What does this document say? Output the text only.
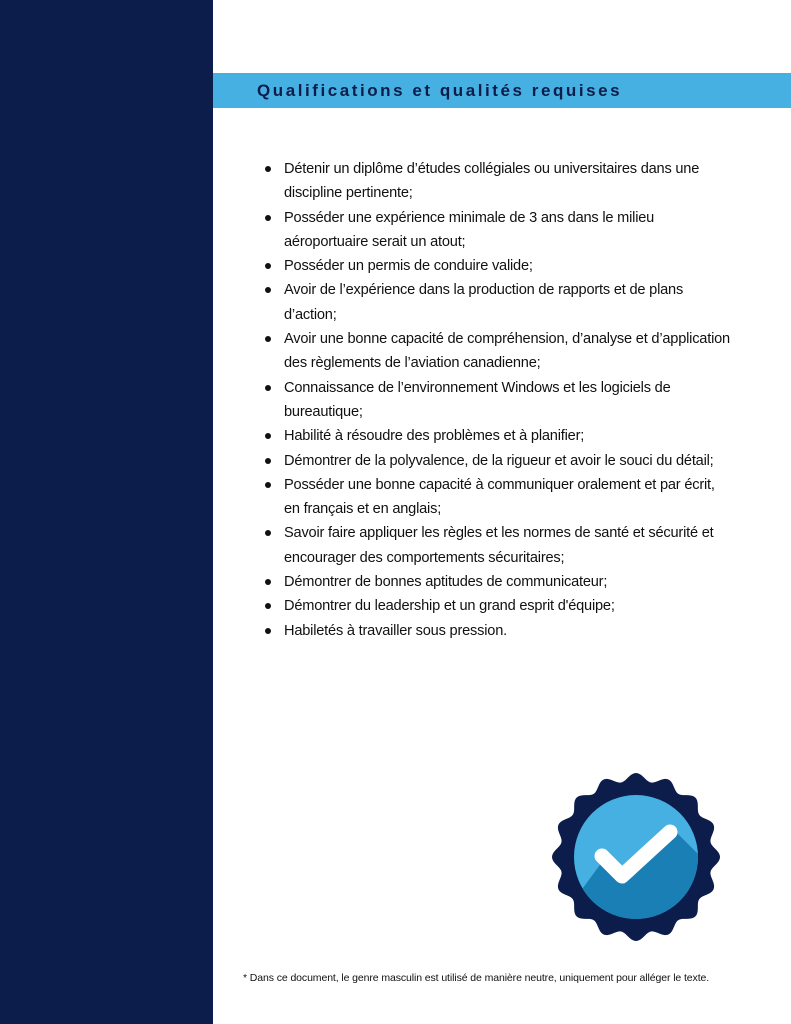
Qualifications et qualités requises
Détenir un diplôme d’études collégiales ou universitaires dans une discipline pertinente;
Posséder une expérience minimale de 3 ans dans le milieu aéroportuaire serait un atout;
Posséder un permis de conduire valide;
Avoir de l’expérience dans la production de rapports et de plans d’action;
Avoir une bonne capacité de compréhension, d’analyse et d’application des règlements de l’aviation canadienne;
Connaissance de l’environnement Windows et les logiciels de bureautique;
Habilité à résoudre des problèmes et à planifier;
Démontrer de la polyvalence, de la rigueur et avoir le souci du détail;
Posséder une bonne capacité à communiquer oralement et par écrit, en français et en anglais;
Savoir faire appliquer les règles et les normes de santé et sécurité et encourager des comportements sécuritaires;
Démontrer de bonnes aptitudes de communicateur;
Démontrer du leadership et un grand esprit d'équipe;
Habiletés à travailler sous pression.
* Dans ce document, le genre masculin est utilisé de manière neutre, uniquement pour alléger le texte.
